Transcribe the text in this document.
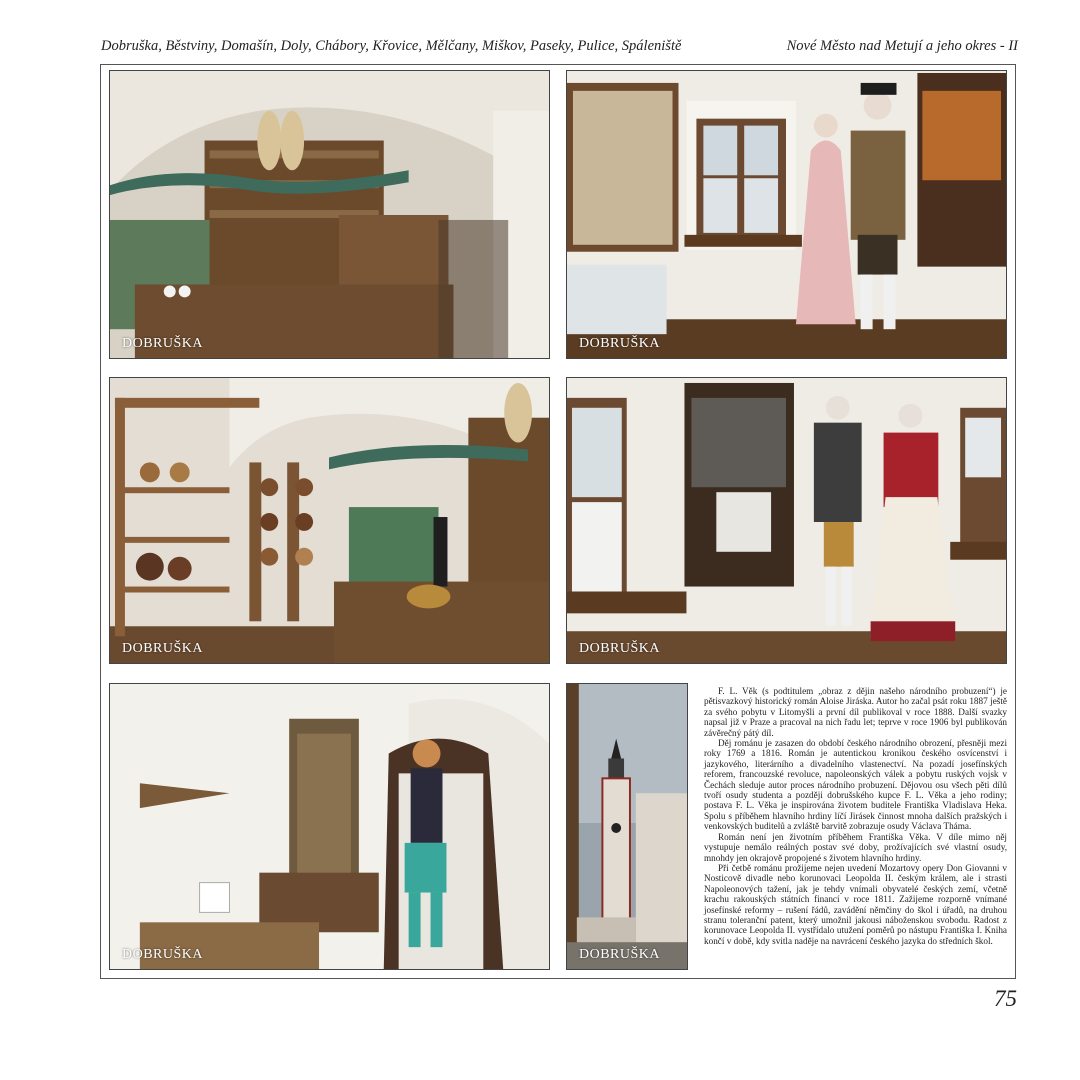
Dobruška, Běstviny, Domašín, Doly, Chábory, Křovice, Mělčany, Miškov, Paseky, Pulice, Spáleniště	Nové Město nad Metují a jeho okres - II
DOBRUŠKA	DOBRUŠKA
DOBRUŠKA	DOBRUŠKA
DOBRUŠKA	DOBRUŠKA

F. L. Věk (s podtitulem „obraz z dějin našeho národního probuzení“) je pětisvazkový historický román Aloise Jiráska. Autor ho začal psát roku 1887 ještě za svého pobytu v Litomyšli a první díl publikoval v roce 1888. Další svazky napsal již v Praze a pracoval na nich řadu let; teprve v roce 1906 byl publikován závěrečný pátý díl.

Děj románu je zasazen do období českého národního obrození, přesněji mezi roky 1769 a 1816. Román je autentickou kronikou českého osvícenství i jazykového, literárního a divadelního vlastenectví. Na pozadí josefínských reforem, francouzské revoluce, napoleonských válek a pobytu ruských vojsk v Čechách sleduje autor proces národního probuzení. Dějovou osu všech pěti dílů tvoří osudy studenta a později dobrušského kupce F. L. Věka a jeho rodiny; postava F. L. Věka je inspirována životem buditele Františka Vladislava Heka. Spolu s příběhem hlavního hrdiny líčí Jirásek činnost mnoha dalších pražských i venkovských buditelů a zvláště barvitě zobrazuje osudy Václava Tháma.

Román není jen životním příběhem Františka Věka. V díle mimo něj vystupuje nemálo reálných postav své doby, prožívajících své vlastní osudy, mnohdy jen okrajově propojené s životem hlavního hrdiny.

Při četbě románu prožijeme nejen uvedení Mozartovy opery Don Giovanni v Nosticově divadle nebo korunovaci Leopolda II. českým králem, ale i strasti Napoleonových tažení, jak je tehdy vnímali obyvatelé českých zemí, včetně krachu rakouských státních financí v roce 1811. Zažijeme rozporně vnímané josefínské reformy – rušení řádů, zavádění němčiny do škol i úřadů, na druhou stranu toleranční patent, který umožnil jakousi náboženskou svobodu. Radost z korunovace Leopolda II. vystřídalo utužení poměrů po nástupu Františka I. Kniha končí v době, kdy svitla naděje na navrácení českého jazyka do středních škol.

75
